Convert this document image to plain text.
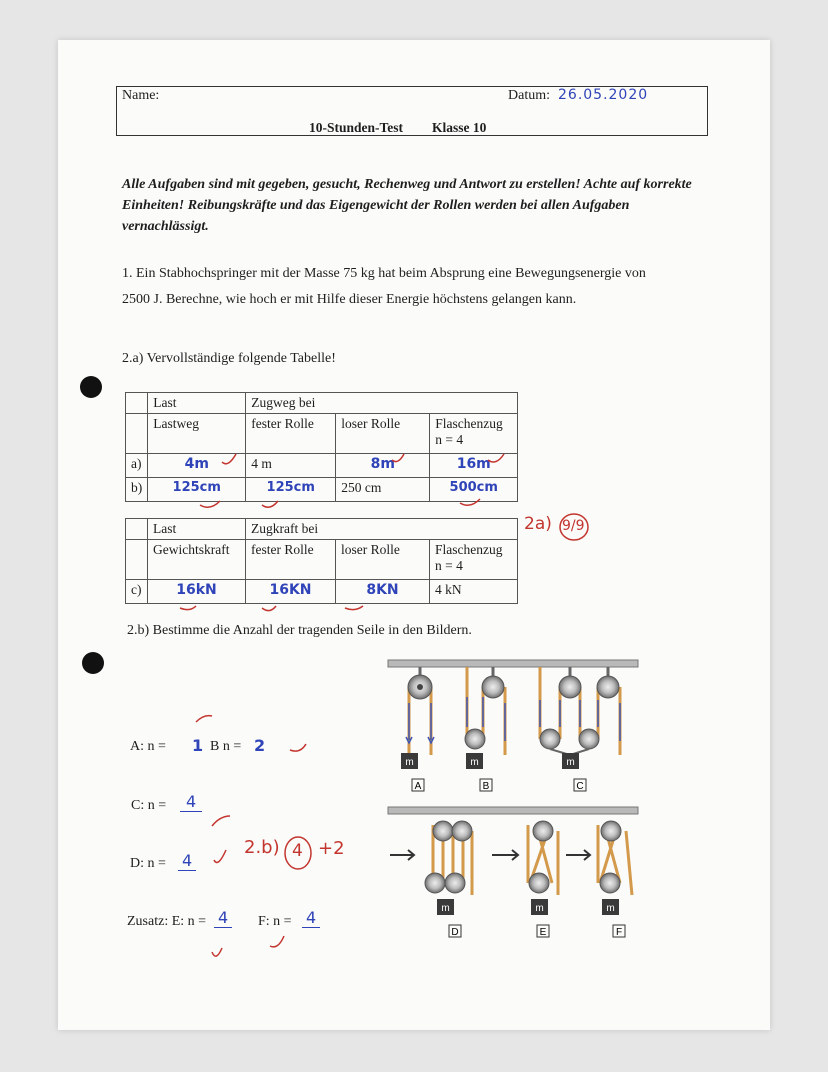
Name:	Datum: 26.05.2020
10-Stunden-Test Klasse 10
Alle Aufgaben sind mit gegeben, gesucht, Rechenweg und Antwort zu erstellen! Achte auf korrekte Einheiten! Reibungskräfte und das Eigengewicht der Rollen werden bei allen Aufgaben vernachlässigt.
1. Ein Stabhochspringer mit der Masse 75 kg hat beim Absprung eine Bewegungsenergie von
2500 J. Berechne, wie hoch er mit Hilfe dieser Energie höchstens gelangen kann.
2.a) Vervollständige folgende Tabelle!
	Last	Zugweg bei		
	Lastweg	fester Rolle	loser Rolle	Flaschenzug
n = 4
a)	4m	4 m	8m	16m
b)	125cm	125cm	250 cm	500cm
	Last	Zugkraft bei		
	Gewichtskraft	fester Rolle	loser Rolle	Flaschenzug
n = 4
c)	16kN	16KN	8KN	4 kN
2a) 9/9
2.b) Bestimme die Anzahl der tragenden Seile in den Bildern.
A: n = 1 B n = 2
C: n =	4
D: n = 4
2.b) 4 +2
Zusatz: E: n = 4 F: n = 4
m	m	m
m	m	m
A	B	C
D	E	F
